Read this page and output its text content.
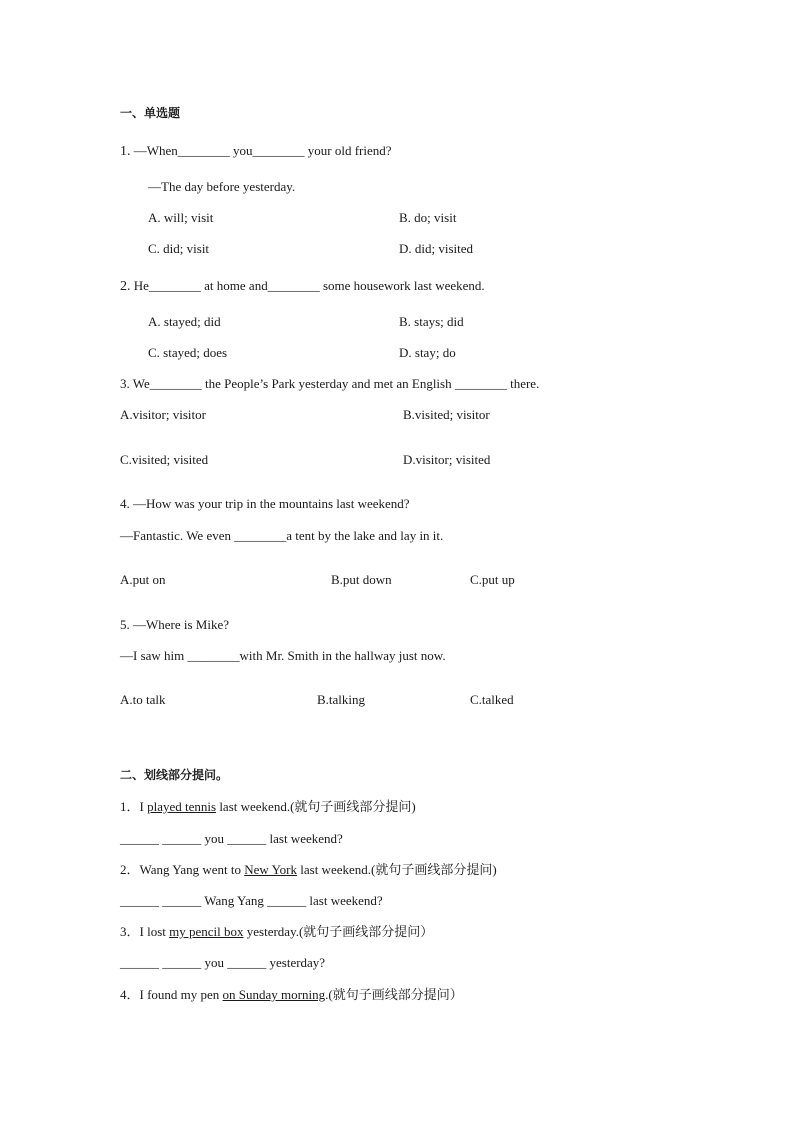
一、单选题
1. —When________ you________ your old friend?
—The day before yesterday.
A. will; visit	B. do; visit
C. did; visit	D. did; visited
2. He________ at home and________ some housework last weekend.
A. stayed; did	B. stays; did
C. stayed; does	D. stay; do
3. We________ the People’s Park yesterday and met an English ________ there.
A.visitor; visitor	B.visited; visitor
C.visited; visited	D.visitor; visited
4. —How was your trip in the mountains last weekend?
—Fantastic. We even ________a tent by the lake and lay in it.
A.put on	B.put down	C.put up
5. —Where is Mike?
—I saw him ________with Mr. Smith in the hallway just now.
A.to talk	B.talking	C.talked
二、划线部分提问。
1．I played tennis last weekend.(就句子画线部分提问)
______ ______ you ______ last weekend?
2．Wang Yang went to New York last weekend.(就句子画线部分提问)
______ ______ Wang Yang ______ last weekend?
3．I lost my pencil box yesterday.(就句子画线部分提问）
______ ______ you ______ yesterday?
4．I found my pen on Sunday morning.(就句子画线部分提问）
